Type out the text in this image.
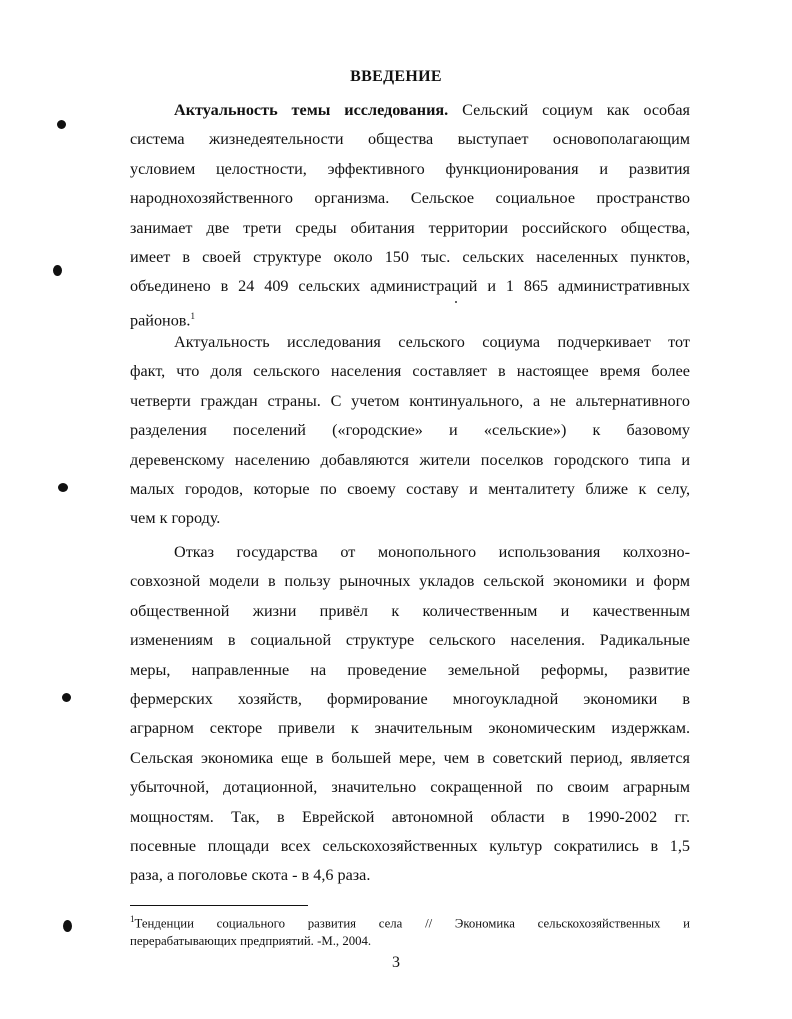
ВВЕДЕНИЕ
Актуальность темы исследования. Сельский социум как особая
система жизнедеятельности общества выступает основополагающим
условием целостности, эффективного функционирования и развития
народнохозяйственного организма. Сельское социальное пространство
занимает две трети среды обитания территории российского общества,
имеет в своей структуре около 150 тыс. сельских населенных пунктов,
объединено в 24 409 сельских администраций и 1 865 административных
районов.$^1$
Актуальность исследования сельского социума подчеркивает тот
факт, что доля сельского населения составляет в настоящее время более
четверти граждан страны. С учетом континуального, а не альтернативного
разделения поселений («городские» и «сельские») к базовому
деревенскому населению добавляются жители поселков городского типа и
малых городов, которые по своему составу и менталитету ближе к селу,
чем к городу.
Отказ государства от монопольного использования колхозно-
совхозной модели в пользу рыночных укладов сельской экономики и форм
общественной жизни привёл к количественным и качественным
изменениям в социальной структуре сельского населения. Радикальные
меры, направленные на проведение земельной реформы, развитие
фермерских хозяйств, формирование многоукладной экономики в
аграрном секторе привели к значительным экономическим издержкам.
Сельская экономика еще в большей мере, чем в советский период, является
убыточной, дотационной, значительно сокращенной по своим аграрным
мощностям. Так, в Еврейской автономной области в 1990-2002 гг.
посевные площади всех сельскохозяйственных культур сократились в 1,5
раза, а поголовье скота - в 4,6 раза.
$^1$Тенденции социального развития села // Экономика сельскохозяйственных и
перерабатывающих предприятий. -М., 2004.
3
